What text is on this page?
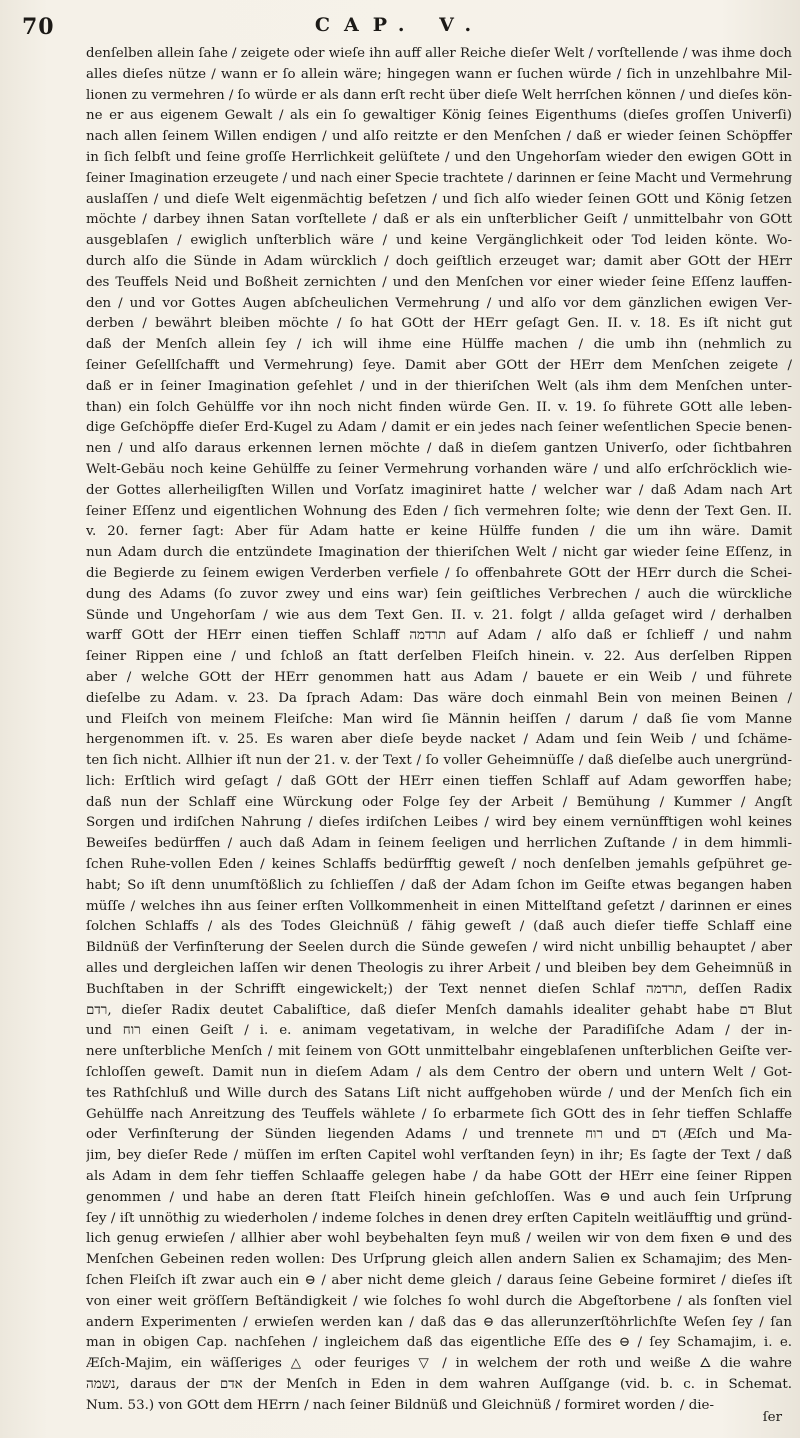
70	CAP. V.
denſelben allein ſahe / zeigete oder wieſe ihn auff aller Reiche dieſer Welt / vorſtellende / was ihme doch
alles dieſes nütze / wann er ſo allein wäre; hingegen wann er ſuchen würde / ſich in unzehlbahre Mil-
lionen zu vermehren / ſo würde er als dann erſt recht über dieſe Welt herrſchen können / und dieſes kön-
ne er aus eigenem Gewalt / als ein ſo gewaltiger König ſeines Eigenthums (dieſes groſſen Univerſi)
nach allen ſeinem Willen endigen / und alſo reitzte er den Menſchen / daß er wieder ſeinen Schöpffer
in ſich ſelbſt und ſeine groſſe Herrlichkeit gelüſtete / und den Ungehorſam wieder den ewigen GOtt in
ſeiner Imagination erzeugete / und nach einer Specie trachtete / darinnen er ſeine Macht und Vermehrung
auslaſſen / und dieſe Welt eigenmächtig beſetzen / und ſich alſo wieder ſeinen GOtt und König ſetzen
möchte / darbey ihnen Satan vorſtellete / daß er als ein unſterblicher Geiſt / unmittelbahr von GOtt
ausgeblaſen / ewiglich unſterblich wäre / und keine Vergänglichkeit oder Tod leiden könte. Wo-
durch alſo die Sünde in Adam würcklich / doch geiſtlich erzeuget war; damit aber GOtt der HErr
des Teuffels Neid und Boßheit zernichten / und den Menſchen vor einer wieder ſeine Eſſenz lauffen-
den / und vor Gottes Augen abſcheulichen Vermehrung / und alſo vor dem gänzlichen ewigen Ver-
derben / bewährt bleiben möchte / ſo hat GOtt der HErr geſagt Gen. II. v. 18. Es iſt nicht gut
daß der Menſch allein ſey / ich will ihme eine Hülffe machen / die umb ihn (nehmlich zu
ſeiner Geſellſchafft und Vermehrung) ſeye. Damit aber GOtt der HErr dem Menſchen zeigete /
daß er in ſeiner Imagination geſehlet / und in der thieriſchen Welt (als ihm dem Menſchen unter-
than) ein ſolch Gehülffe vor ihn noch nicht finden würde Gen. II. v. 19. ſo führete GOtt alle leben-
dige Geſchöpffe dieſer Erd-Kugel zu Adam / damit er ein jedes nach ſeiner weſentlichen Specie benen-
nen / und alſo daraus erkennen lernen möchte / daß in dieſem gantzen Univerſo, oder ſichtbahren
Welt-Gebäu noch keine Gehülffe zu ſeiner Vermehrung vorhanden wäre / und alſo erſchröcklich wie-
der Gottes allerheiligſten Willen und Vorſatz imaginiret hatte / welcher war / daß Adam nach Art
ſeiner Eſſenz und eigentlichen Wohnung des Eden / ſich vermehren ſolte; wie denn der Text Gen. II.
v. 20. ferner ſagt: Aber für Adam hatte er keine Hülffe funden / die um ihn wäre. Damit
nun Adam durch die entzündete Imagination der thieriſchen Welt / nicht gar wieder ſeine Eſſenz, in
die Begierde zu ſeinem ewigen Verderben verfiele / ſo offenbahrete GOtt der HErr durch die Schei-
dung des Adams (ſo zuvor zwey und eins war) ſein geiſtliches Verbrechen / auch die würckliche
Sünde und Ungehorſam / wie aus dem Text Gen. II. v. 21. folgt / allda geſaget wird / derhalben
warff GOtt der HErr einen tieffen Schlaff תרדמה auf Adam / alſo daß er ſchlieff / und nahm
ſeiner Rippen eine / und ſchloß an ſtatt derſelben Fleiſch hinein. v. 22. Aus derſelben Rippen
aber / welche GOtt der HErr genommen hatt aus Adam / bauete er ein Weib / und führete
dieſelbe zu Adam. v. 23. Da ſprach Adam: Das wäre doch einmahl Bein von meinen Beinen /
und Fleiſch von meinem Fleiſche: Man wird ſie Männin heiſſen / darum / daß ſie vom Manne
hergenommen iſt. v. 25. Es waren aber dieſe beyde nacket / Adam und ſein Weib / und ſchäme-
ten ſich nicht. Allhier iſt nun der 21. v. der Text / ſo voller Geheimnüſſe / daß dieſelbe auch unergründ-
lich: Erſtlich wird geſagt / daß GOtt der HErr einen tieffen Schlaff auf Adam geworffen habe;
daß nun der Schlaff eine Würckung oder Folge ſey der Arbeit / Bemühung / Kummer / Angſt
Sorgen und irdiſchen Nahrung / dieſes irdiſchen Leibes / wird bey einem vernünfftigen wohl keines
Beweiſes bedürffen / auch daß Adam in ſeinem ſeeligen und herrlichen Zuſtande / in dem himmli-
ſchen Ruhe-vollen Eden / keines Schlaffs bedürfftig geweſt / noch denſelben jemahls geſpühret ge-
habt; So iſt denn unumſtößlich zu ſchlieſſen / daß der Adam ſchon im Geiſte etwas begangen haben
müſſe / welches ihn aus ſeiner erſten Vollkommenheit in einen Mittelſtand geſetzt / darinnen er eines
ſolchen Schlaffs / als des Todes Gleichnüß / fähig geweſt / (daß auch dieſer tieffe Schlaff eine
Bildnüß der Verfinſterung der Seelen durch die Sünde geweſen / wird nicht unbillig behauptet / aber
alles und dergleichen laſſen wir denen Theologis zu ihrer Arbeit / und bleiben bey dem Geheimnüß in
Buchſtaben in der Schrifft eingewickelt;) der Text nennet dieſen Schlaf תרדמה, deſſen Radix
רדם, dieſer Radix deutet Cabaliſtice, daß dieſer Menſch damahls idealiter gehabt habe דם Blut
und רוח einen Geiſt / i. e. animam vegetativam, in welche der Paradiſiſche Adam / der in-
nere unſterbliche Menſch / mit ſeinem von GOtt unmittelbahr eingeblaſenen unſterblichen Geiſte ver-
ſchloſſen geweſt. Damit nun in dieſem Adam / als dem Centro der obern und untern Welt / Got-
tes Rathſchluß und Wille durch des Satans Liſt nicht auffgehoben würde / und der Menſch ſich ein
Gehülffe nach Anreitzung des Teuffels wählete / ſo erbarmete ſich GOtt des in ſehr tieffen Schlaffe
oder Verfinſterung der Sünden liegenden Adams / und trennete רוח und דם (Æſch und Ma-
jim, bey dieſer Rede / müſſen im erſten Capitel wohl verſtanden ſeyn) in ihr; Es ſagte der Text / daß
als Adam in dem ſehr tieffen Schlaaffe gelegen habe / da habe GOtt der HErr eine ſeiner Rippen
genommen / und habe an deren ſtatt Fleiſch hinein geſchloſſen. Was ⊖ und auch ſein Urſprung
ſey / iſt unnöthig zu wiederholen / indeme ſolches in denen drey erſten Capiteln weitläufftig und gründ-
lich genug erwieſen / allhier aber wohl beybehalten ſeyn muß / weilen wir von dem fixen ⊖ und des
Menſchen Gebeinen reden wollen: Des Urſprung gleich allen andern Salien ex Schamajim; des Men-
ſchen Fleiſch iſt zwar auch ein ⊖ / aber nicht deme gleich / daraus ſeine Gebeine formiret / dieſes iſt
von einer weit gröſſern Beſtändigkeit / wie ſolches ſo wohl durch die Abgeſtorbene / als ſonſten viel
andern Experimenten / erwieſen werden kan / daß das ⊖ das allerunzerſtöhrlichſte Weſen ſey / ſan
man in obigen Cap. nachſehen / ingleichem daß das eigentliche Eſſe des ⊖ / ſey Schamajim, i. e.
Æſch-Majim, ein wäſſeriges △ oder feuriges ▽ / in welchem der roth und weiße 🜂 die wahre
נשמה, daraus der אדם der Menſch in Eden in dem wahren Auſſgange (vid. b. c. in Schemat.
Num. 53.) von GOtt dem HErrn / nach ſeiner Bildnüß und Gleichnüß / formiret worden / die-
ſer
